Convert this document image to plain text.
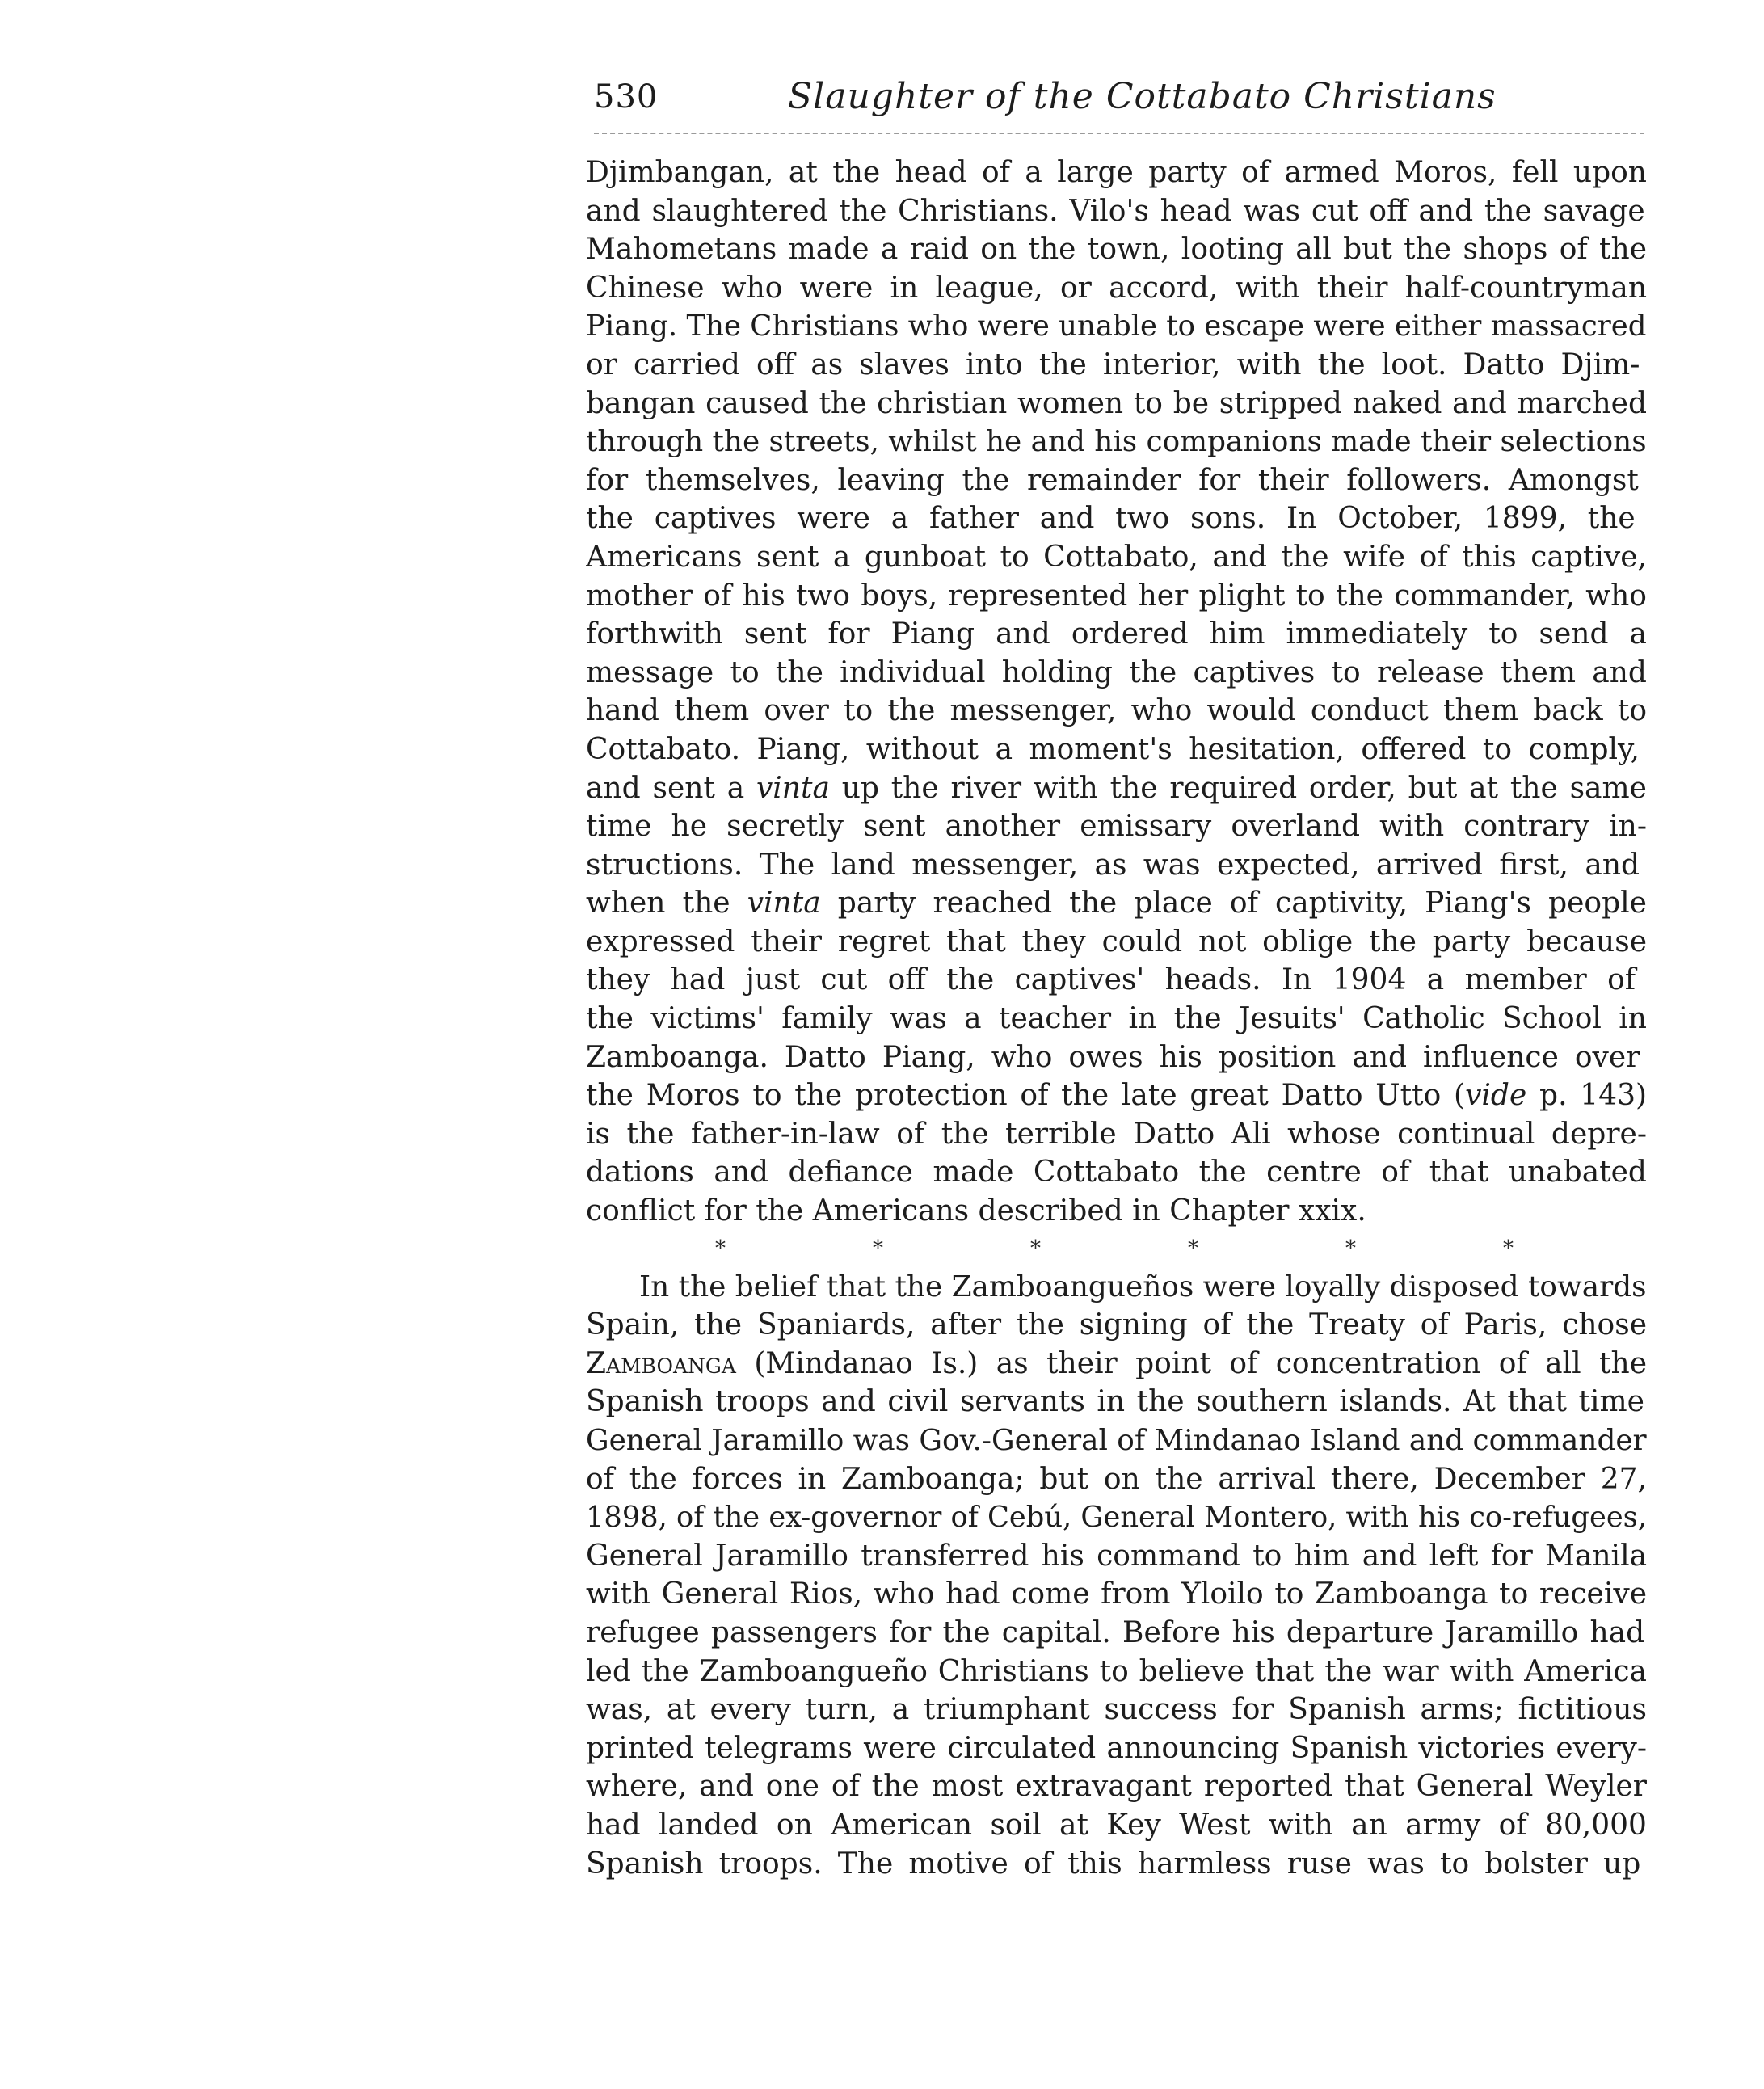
530	Slaughter of the Cottabato Christians
Djimbangan, at the head of a large party of armed Moros, fell upon
and slaughtered the Christians. Vilo's head was cut off and the savage
Mahometans made a raid on the town, looting all but the shops of the
Chinese who were in league, or accord, with their half-countryman
Piang. The Christians who were unable to escape were either massacred
or carried off as slaves into the interior, with the loot. Datto Djim-
bangan caused the christian women to be stripped naked and marched
through the streets, whilst he and his companions made their selections
for themselves, leaving the remainder for their followers. Amongst
the captives were a father and two sons. In October, 1899, the
Americans sent a gunboat to Cottabato, and the wife of this captive,
mother of his two boys, represented her plight to the commander, who
forthwith sent for Piang and ordered him immediately to send a
message to the individual holding the captives to release them and
hand them over to the messenger, who would conduct them back to
Cottabato. Piang, without a moment's hesitation, offered to comply,
and sent a vinta up the river with the required order, but at the same
time he secretly sent another emissary overland with contrary in-
structions. The land messenger, as was expected, arrived first, and
when the vinta party reached the place of captivity, Piang's people
expressed their regret that they could not oblige the party because
they had just cut off the captives' heads. In 1904 a member of
the victims' family was a teacher in the Jesuits' Catholic School in
Zamboanga. Datto Piang, who owes his position and influence over
the Moros to the protection of the late great Datto Utto (vide p. 143)
is the father-in-law of the terrible Datto Ali whose continual depre-
dations and defiance made Cottabato the centre of that unabated
conflict for the Americans described in Chapter xxix.
*	*	*	*	*	*
In the belief that the Zamboangueños were loyally disposed towards
Spain, the Spaniards, after the signing of the Treaty of Paris, chose
Zamboanga (Mindanao Is.) as their point of concentration of all the
Spanish troops and civil servants in the southern islands. At that time
General Jaramillo was Gov.-General of Mindanao Island and commander
of the forces in Zamboanga; but on the arrival there, December 27,
1898, of the ex-governor of Cebú, General Montero, with his co-refugees,
General Jaramillo transferred his command to him and left for Manila
with General Rios, who had come from Yloilo to Zamboanga to receive
refugee passengers for the capital. Before his departure Jaramillo had
led the Zamboangueño Christians to believe that the war with America
was, at every turn, a triumphant success for Spanish arms; fictitious
printed telegrams were circulated announcing Spanish victories every-
where, and one of the most extravagant reported that General Weyler
had landed on American soil at Key West with an army of 80,000
Spanish troops. The motive of this harmless ruse was to bolster up
